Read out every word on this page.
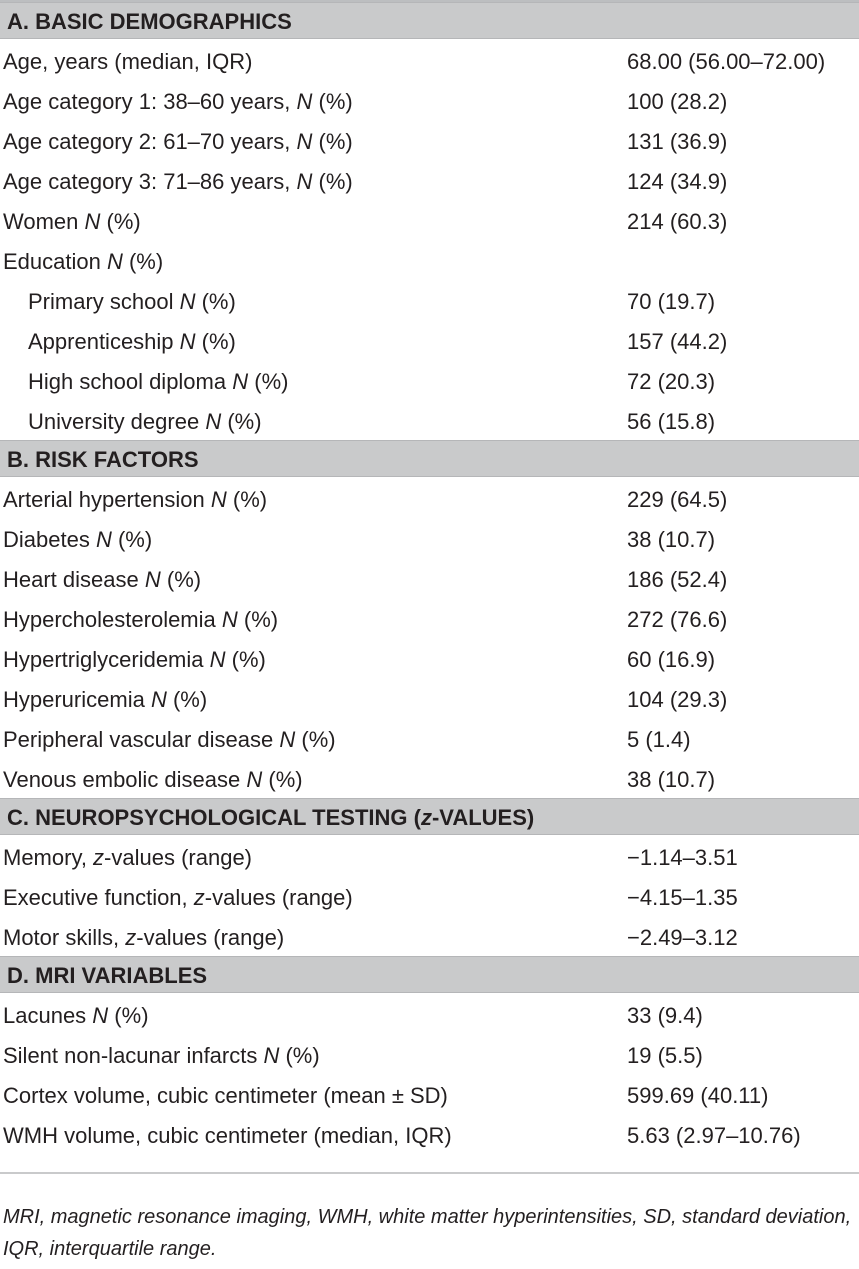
A. BASIC DEMOGRAPHICS
Age, years (median, IQR)	68.00 (56.00–72.00)
Age category 1: 38–60 years, N (%)	100 (28.2)
Age category 2: 61–70 years, N (%)	131 (36.9)
Age category 3: 71–86 years, N (%)	124 (34.9)
Women N (%)	214 (60.3)
Education N (%)
Primary school N (%)	70 (19.7)
Apprenticeship N (%)	157 (44.2)
High school diploma N (%)	72 (20.3)
University degree N (%)	56 (15.8)
B. RISK FACTORS
Arterial hypertension N (%)	229 (64.5)
Diabetes N (%)	38 (10.7)
Heart disease N (%)	186 (52.4)
Hypercholesterolemia N (%)	272 (76.6)
Hypertriglyceridemia N (%)	60 (16.9)
Hyperuricemia N (%)	104 (29.3)
Peripheral vascular disease N (%)	5 (1.4)
Venous embolic disease N (%)	38 (10.7)
C. NEUROPSYCHOLOGICAL TESTING (z-VALUES)
Memory, z-values (range)	−1.14–3.51
Executive function, z-values (range)	−4.15–1.35
Motor skills, z-values (range)	−2.49–3.12
D. MRI VARIABLES
Lacunes N (%)	33 (9.4)
Silent non-lacunar infarcts N (%)	19 (5.5)
Cortex volume, cubic centimeter (mean ± SD)	599.69 (40.11)
WMH volume, cubic centimeter (median, IQR)	5.63 (2.97–10.76)
MRI, magnetic resonance imaging, WMH, white matter hyperintensities, SD, standard deviation, IQR, interquartile range.
